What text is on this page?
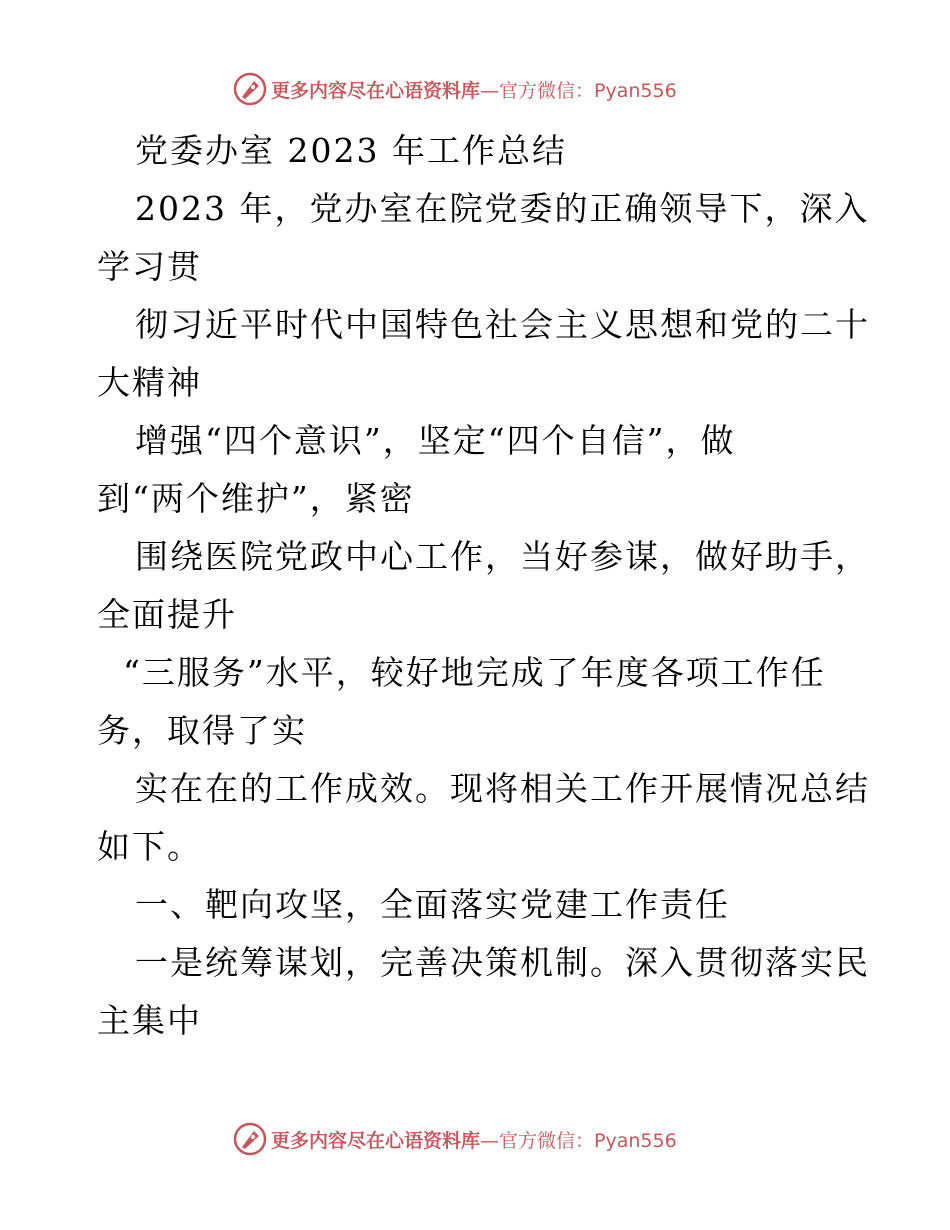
更多内容尽在心语资料库 —官方微信：Pyan556
党委办室 2023 年工作总结
2023 年，党办室在院党委的正确领导下，深入
学习贯
彻习近平时代中国特色社会主义思想和党的二十
大精神
增强“四个意识”，坚定“四个自信”，做
到“两个维护”，紧密
围绕医院党政中心工作，当好参谋，做好助手，
全面提升
“三服务”水平，较好地完成了年度各项工作任
务，取得了实
实在在的工作成效。现将相关工作开展情况总结
如下。
一、靶向攻坚，全面落实党建工作责任
一是统筹谋划，完善决策机制。深入贯彻落实民
主集中
更多内容尽在心语资料库 —官方微信：Pyan556
